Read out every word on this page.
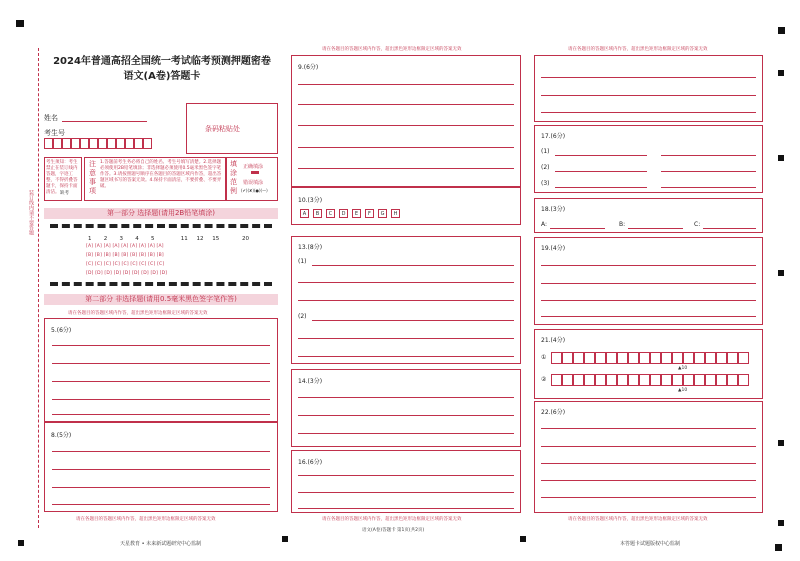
装订线内请不要答题
2024年普通高招全国统一考试临考预测押题密卷
语文(A卷)答题卡
姓名
考生号	条码粘贴处
考生须知：考生禁止在装订线内答题，字迹工整，不得折叠答题卡，保持卡面清洁。 缺考
注意事项
1.答题前考生务必将自己的姓名、考生号填写清楚。2.选择题必须使用2B铅笔填涂；非选择题必须使用0.5毫米黑色签字笔作答。3.请按照题号顺序在各题目的答题区域内作答，超出答题区域书写的答案无效。4.保持卡面清洁，不要折叠、不要弄破。
填涂范例
正确填涂
错误填涂
(✔)(✘)(●)(—)
第一部分 选择题(请用2B铅笔填涂)
1 2 3 4 5	11 12 15	20
[A] [A] [A] [A] [A] [A] [A] [A] [A]
[B] [B] [B] [B] [B] [B] [B] [B] [B]
[C] [C] [C] [C] [C] [C] [C] [C] [C]
[D] [D] [D] [D] [D] [D] [D] [D] [D]
第二部分 非选择题(请用0.5毫米黑色签字笔作答)
请在各题目的答题区域内作答，超出黑色矩形边框限定区域的答案无效
5.(6分)
8.(5分)
请在各题目的答题区域内作答，超出黑色矩形边框限定区域的答案无效
请在各题目的答题区域内作答，超出黑色矩形边框限定区域的答案无效
9.(6分)
10.(3分)
A	B	C	D	E	F	G	H
13.(8分)
(1)
(2)
14.(3分)
16.(6分)
请在各题目的答题区域内作答，超出黑色矩形边框限定区域的答案无效
请在各题目的答题区域内作答，超出黑色矩形边框限定区域的答案无效
17.(6分)
(1)
(2)
(3)
18.(3分)
A:	B:	C:
19.(4分)
21.(4分)
①
▲10
②
▲10
22.(6分)
请在各题目的答题区域内作答，超出黑色矩形边框限定区域的答案无效
天星教育 • 未来新试题研究中心监制
语文(A卷)答题卡 第1页(共2页)
本答题卡试题版权中心监制
